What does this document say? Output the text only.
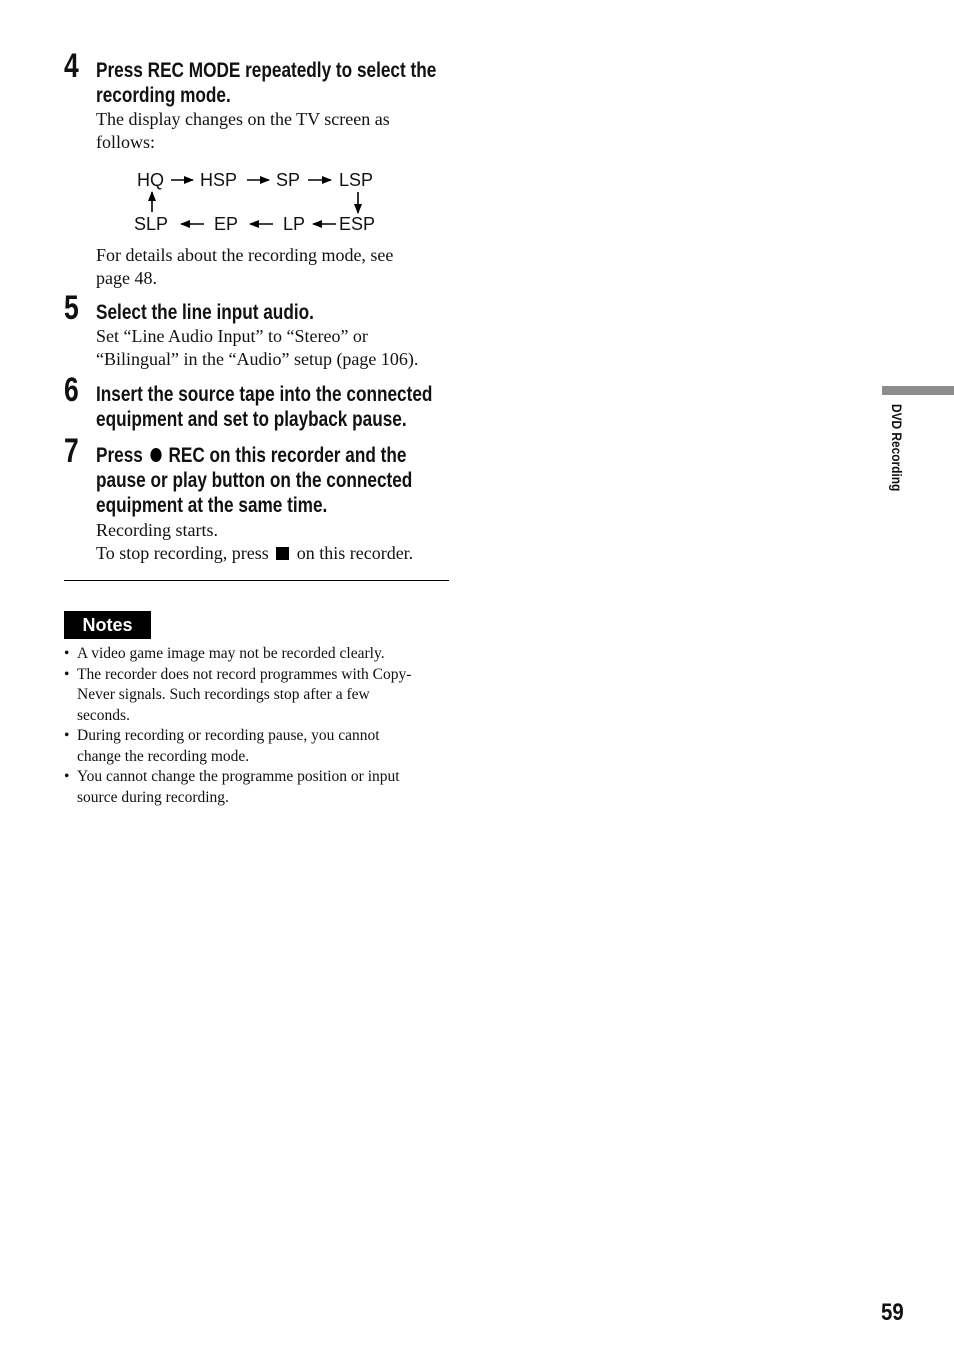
4 Press REC MODE repeatedly to select the
recording mode.
The display changes on the TV screen as
follows:
HQ HSP SP LSP
SLP	EP LP ESP
For details about the recording mode, see
page 48.
5 Select the line input audio.
Set “Line Audio Input” to “Stereo” or
“Bilingual” in the “Audio” setup (page 106).
6 Insert the source tape into the connected
equipment and set to playback pause.
7 Press REC on this recorder and the
pause or play button on the connected
equipment at the same time.
Recording starts.
To stop recording, press on this recorder.
Notes
• A video game image may not be recorded clearly.
• The recorder does not record programmes with Copy-
Never signals. Such recordings stop after a few
seconds.
• During recording or recording pause, you cannot
change the recording mode.
• You cannot change the programme position or input
source during recording.
DVD Recording
59
